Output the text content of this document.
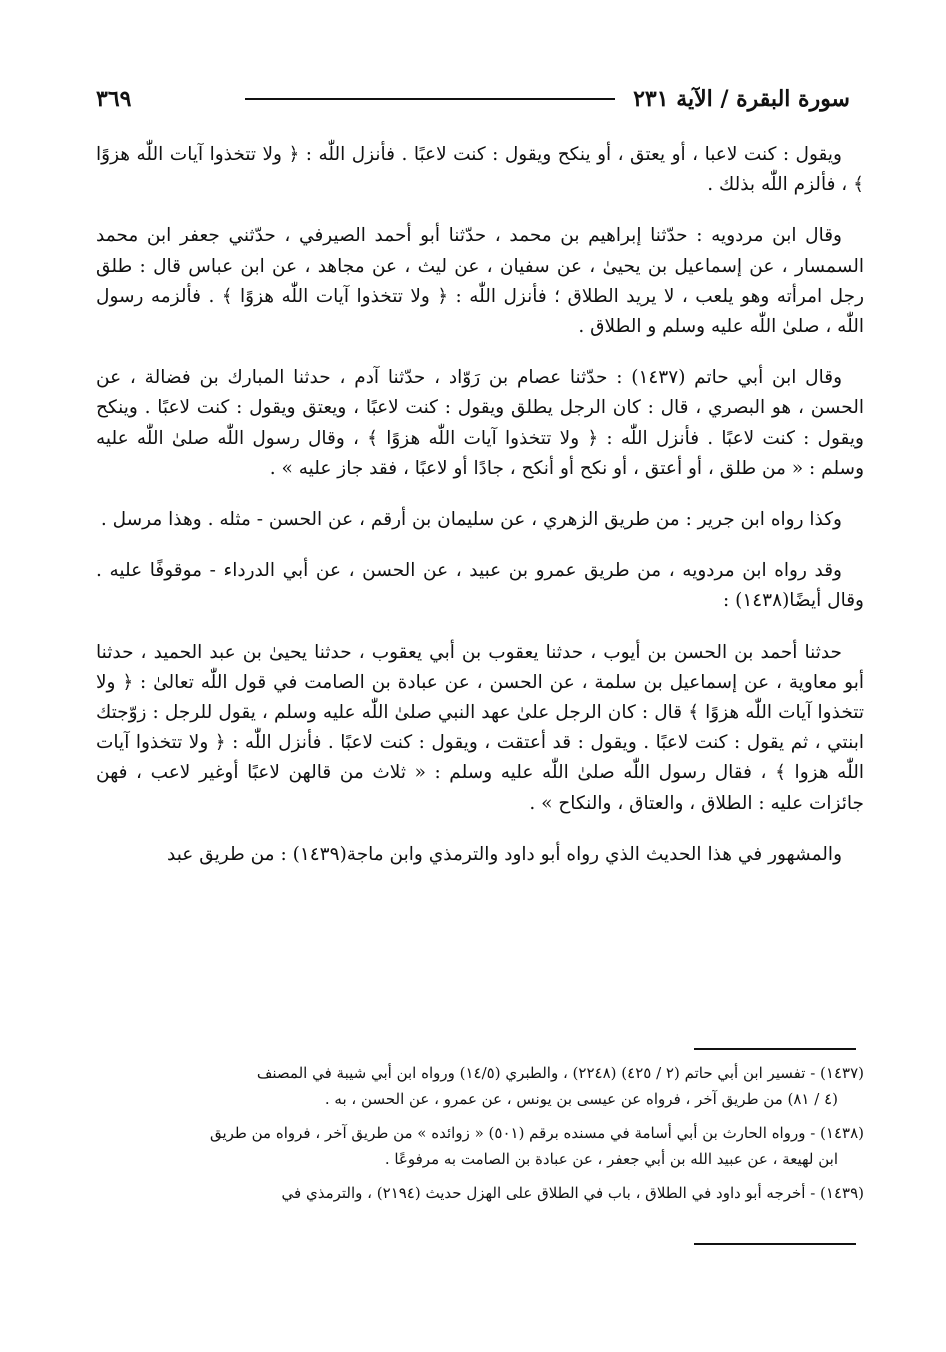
سورة البقرة / الآية ٢٣١
٣٦٩

ويقول : كنت لاعبا ، أو يعتق ، أو ينكح ويقول : كنت لاعبًا . فأنزل اللّٰه : ﴿ ولا تتخذوا آيات اللّٰه هزوًا ﴾ ، فألزم اللّٰه بذلك .

وقال ابن مردويه : حدّثنا إبراهيم بن محمد ، حدّثنا أبو أحمد الصيرفي ، حدّثني جعفر ابن محمد السمسار ، عن إسماعيل بن يحيىٰ ، عن سفيان ، عن ليث ، عن مجاهد ، عن ابن عباس قال : طلق رجل امرأته وهو يلعب ، لا يريد الطلاق ؛ فأنزل اللّٰه : ﴿ ولا تتخذوا آيات اللّٰه هزوًا ﴾ . فألزمه رسول اللّٰه ، صلىٰ اللّٰه عليه وسلم و الطلاق .

وقال ابن أبي حاتم (١٤٣٧) : حدّثنا عصام بن رَوّاد ، حدّثنا آدم ، حدثنا المبارك بن فضالة ، عن الحسن ، هو البصري ، قال : كان الرجل يطلق ويقول : كنت لاعبًا ، ويعتق ويقول : كنت لاعبًا . وينكح ويقول : كنت لاعبًا . فأنزل اللّٰه : ﴿ ولا تتخذوا آيات اللّٰه هزوًا ﴾ ، وقال رسول اللّٰه صلىٰ اللّٰه عليه وسلم : « من طلق ، أو أعتق ، أو نكح أو أنكح ، جادًا أو لاعبًا ، فقد جاز عليه » .

وكذا رواه ابن جرير : من طريق الزهري ، عن سليمان بن أرقم ، عن الحسن - مثله . وهذا مرسل .

وقد رواه ابن مردويه ، من طريق عمرو بن عبيد ، عن الحسن ، عن أبي الدرداء - موقوفًا عليه . وقال أيضًا(١٤٣٨) :

حدثنا أحمد بن الحسن بن أيوب ، حدثنا يعقوب بن أبي يعقوب ، حدثنا يحيىٰ بن عبد الحميد ، حدثنا أبو معاوية ، عن إسماعيل بن سلمة ، عن الحسن ، عن عبادة بن الصامت في قول اللّٰه تعالىٰ : ﴿ ولا تتخذوا آيات اللّٰه هزوًا ﴾ قال : كان الرجل علىٰ عهد النبي صلىٰ اللّٰه عليه وسلم ، يقول للرجل : زوّجتك ابنتي ، ثم يقول : كنت لاعبًا . ويقول : قد أعتقت ، ويقول : كنت لاعبًا . فأنزل اللّٰه : ﴿ ولا تتخذوا آيات اللّٰه هزوا ﴾ ، فقال رسول اللّٰه صلىٰ اللّٰه عليه وسلم : « ثلاث من قالهن لاعبًا أوغير لاعب ، فهن جائزات عليه : الطلاق ، والعتاق ، والنكاح » .

والمشهور في هذا الحديث الذي رواه أبو داود والترمذي وابن ماجة(١٤٣٩) : من طريق عبد

(١٤٣٧) - تفسير ابن أبي حاتم (٢ / ٤٢٥) (٢٢٤٨) ، والطبري (١٤/٥) ورواه ابن أبي شيبة في المصنف
(٤ / ٨١) من طريق آخر ، فرواه عن عيسى بن يونس ، عن عمرو ، عن الحسن ، به .

(١٤٣٨) - ورواه الحارث بن أبي أسامة في مسنده برقم (٥٠١) « زوائده » من طريق آخر ، فرواه من طريق
ابن لهيعة ، عن عبيد الله بن أبي جعفر ، عن عبادة بن الصامت به مرفوعًا .

(١٤٣٩) - أخرجه أبو داود في الطلاق ، باب في الطلاق على الهزل حديث (٢١٩٤) ، والترمذي في
